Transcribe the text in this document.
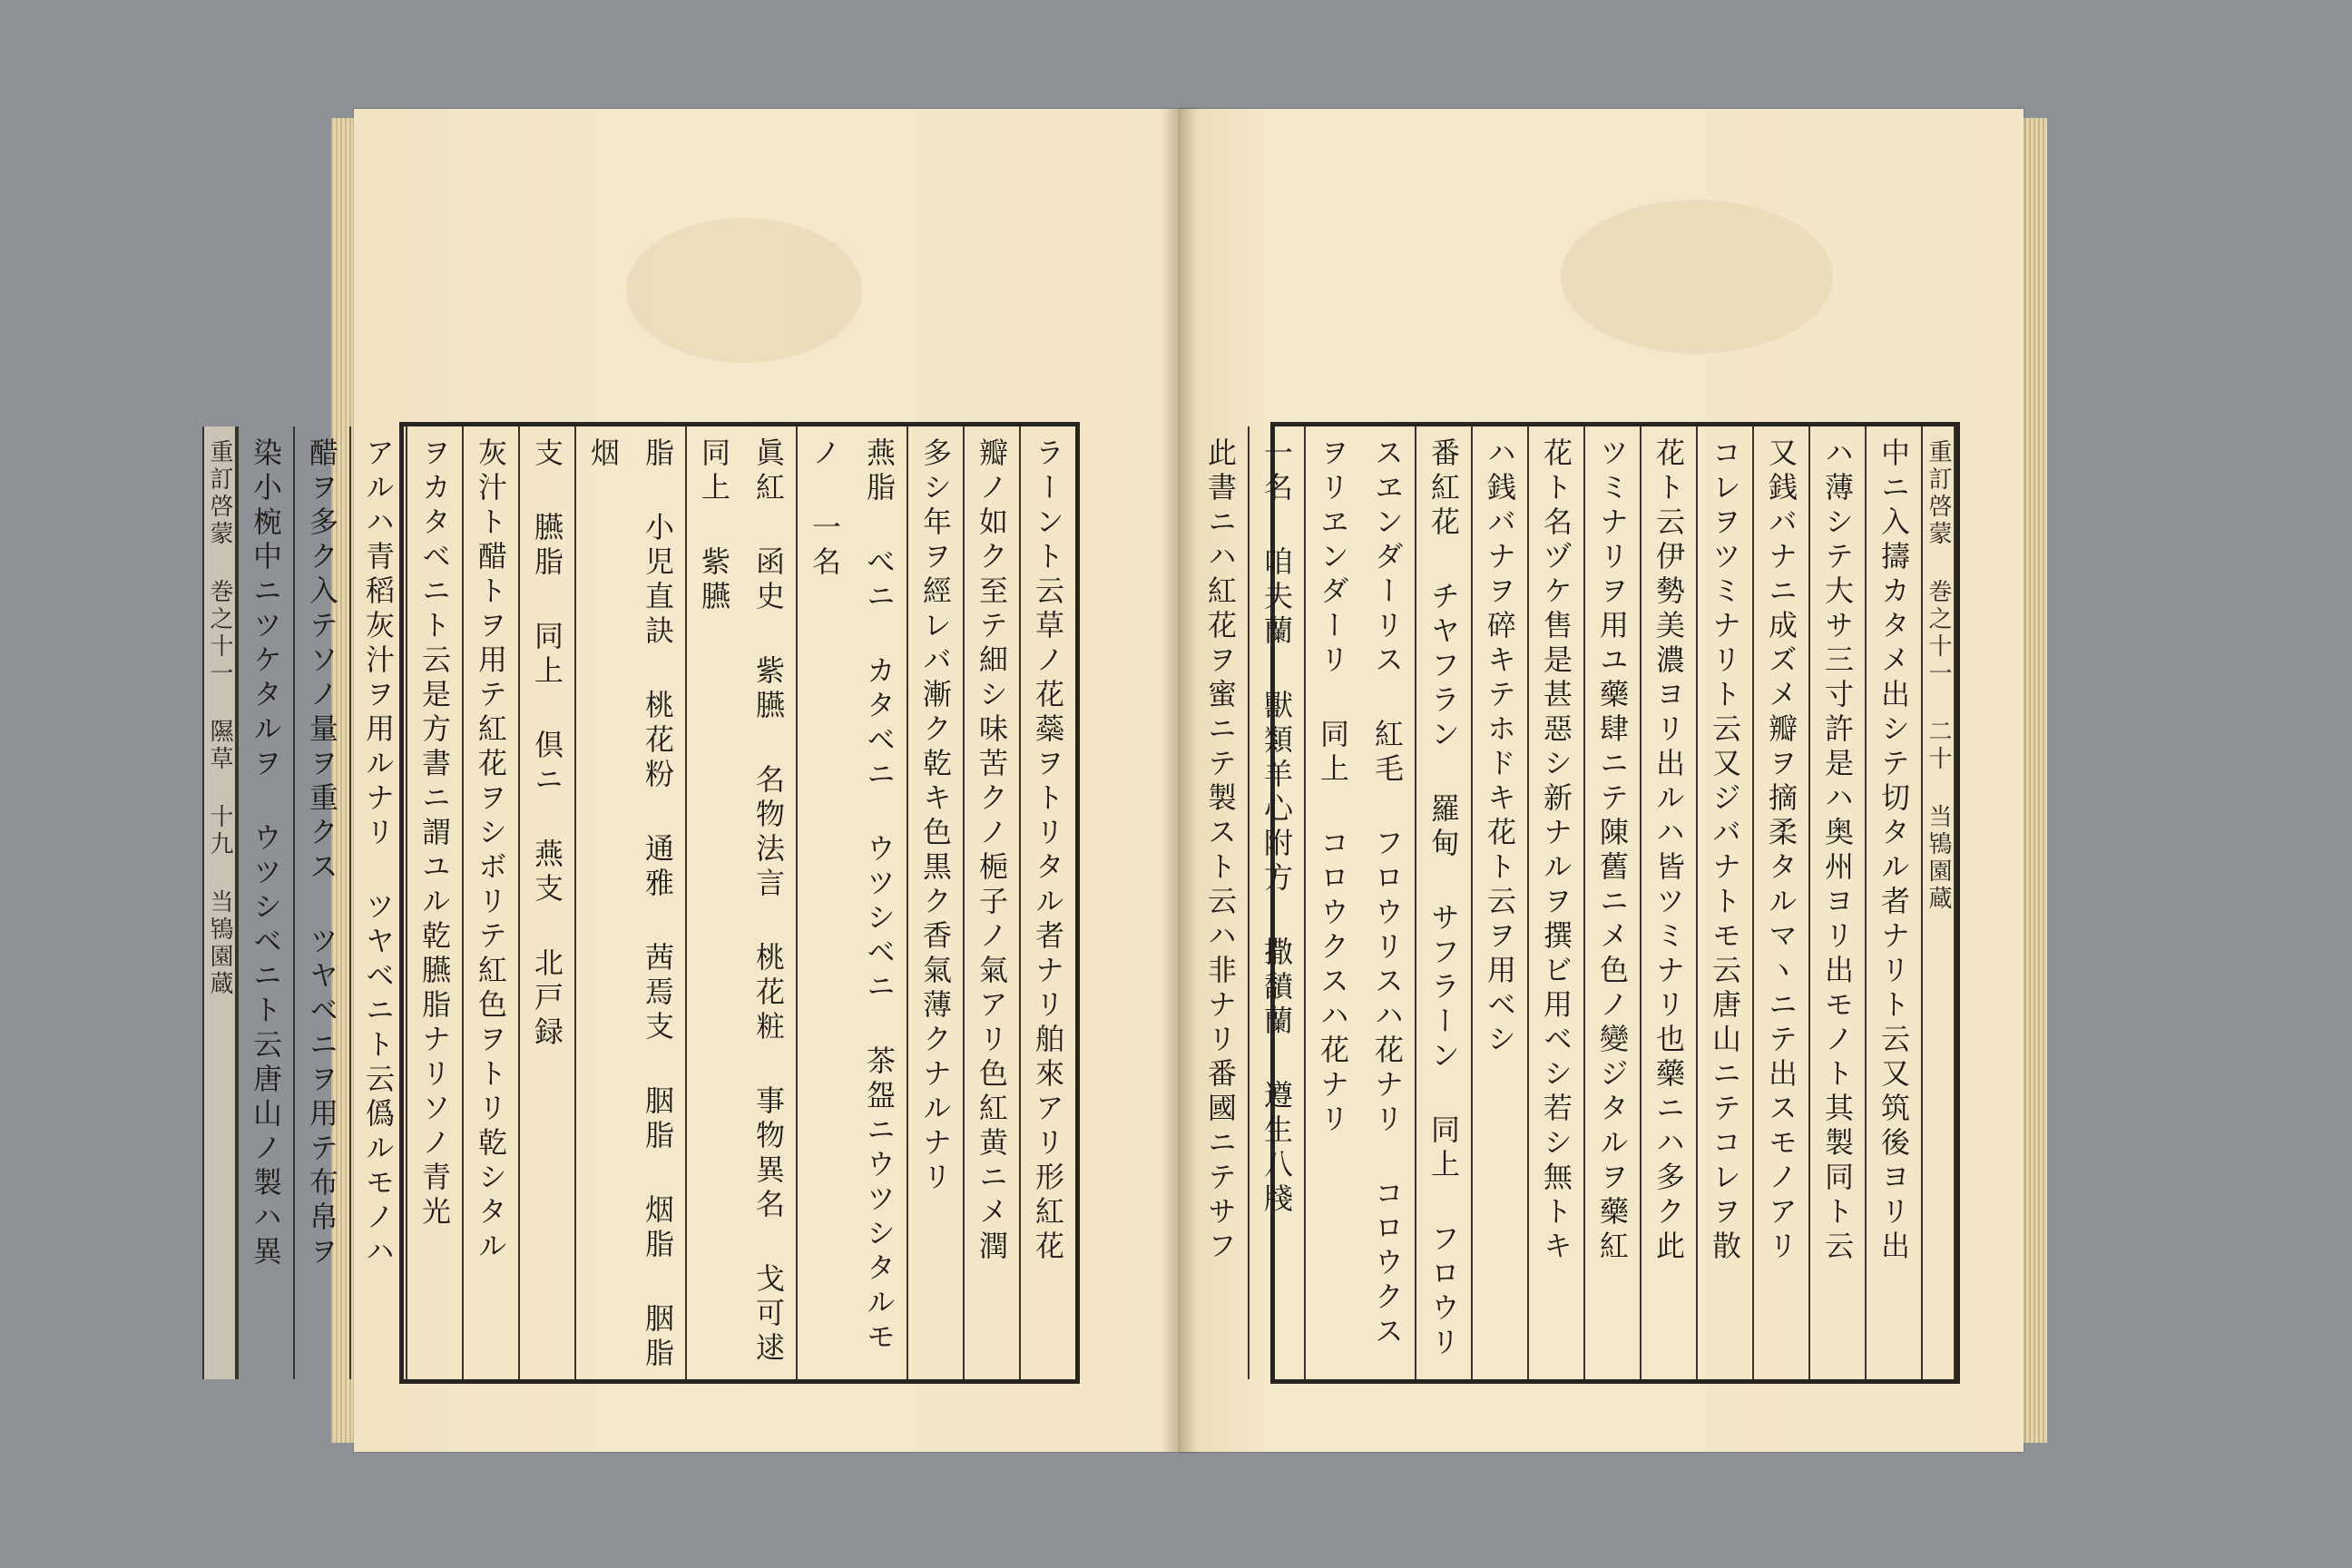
ラーント云草ノ花蘂ヲトリタル者ナリ舶來アリ形紅花
瓣ノ如ク至テ細シ味苦クノ梔子ノ氣アリ色紅黄ニメ潤
多シ年ヲ經レバ漸ク乾キ色黒ク香氣薄クナルナリ
燕脂 べニ カタベニ ウツシベニ 茶盌ニウツシタルモノ 一名
眞紅 函史 紫臙 名物法言 桃花粧 事物異名 戈可逑 同上 紫臙
脂 小児直訣 桃花粉 通雅 茜焉支 胭脂 烟脂 胭脂 烟
支 臙脂 同上 倶ニ 燕支 北戸録
灰汁ト醋トヲ用テ紅花ヲシボリテ紅色ヲトリ乾シタル
ヲカタベニト云是方書ニ謂ユル乾臙脂ナリソノ青光
アルハ青稻灰汁ヲ用ルナリ ツヤベニト云僞ルモノハ
醋ヲ多ク入テソノ量ヲ重クス ツヤベニヲ用テ布帛ヲ
染小椀中ニツケタルヲ ウツシベニト云唐山ノ製ハ異
重訂啓蒙 巻之十一 隰草 十九 当鴇園蔵	重訂啓蒙 巻之十一 二十 当鴇園蔵
中ニ入擣カタメ出シテ切タル者ナリト云又筑後ヨリ出
ハ薄シテ大サ三寸許是ハ奥州ヨリ出モノト其製同ト云
又銭バナニ成ズメ瓣ヲ摘柔タルマヽニテ出スモノアリ
コレヲツミナリト云又ジバナトモ云唐山ニテコレヲ散
花ト云伊勢美濃ヨリ出ルハ皆ツミナリ也藥ニハ多ク此
ツミナリヲ用ユ藥肆ニテ陳舊ニメ色ノ變ジタルヲ藥紅
花ト名ヅケ售是甚惡シ新ナルヲ撰ビ用ベシ若シ無トキ
ハ銭バナヲ碎キテホドキ花ト云ヲ用ベシ
番紅花 チヤフラン 羅甸 サフラーン 同上 フロウリ
スヱンダーリス 紅毛 フロウリスハ花ナリ コロウクスヲリヱンダーリ 同上 コロウクスハ花ナリ
一名 咱夫蘭 獸類羊心附方 撒馩蘭 遵生八牋
此書ニハ紅花ヲ蜜ニテ製スト云ハ非ナリ番國ニテサフ
